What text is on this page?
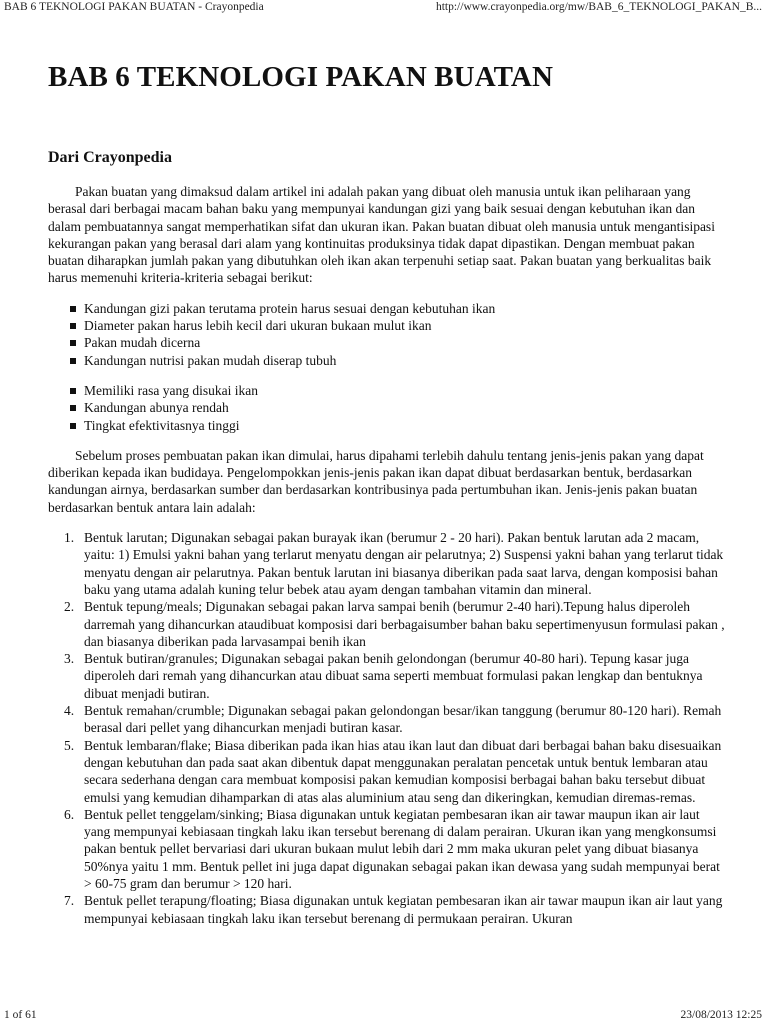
BAB 6 TEKNOLOGI PAKAN BUATAN - Crayonpedia	http://www.crayonpedia.org/mw/BAB_6_TEKNOLOGI_PAKAN_B...
BAB 6 TEKNOLOGI PAKAN BUATAN
Dari Crayonpedia

Pakan buatan yang dimaksud dalam artikel ini adalah pakan yang dibuat oleh manusia untuk ikan peliharaan yang berasal dari berbagai macam bahan baku yang mempunyai kandungan gizi yang baik sesuai dengan kebutuhan ikan dan dalam pembuatannya sangat memperhatikan sifat dan ukuran ikan. Pakan buatan dibuat oleh manusia untuk mengantisipasi kekurangan pakan yang berasal dari alam yang kontinuitas produksinya tidak dapat dipastikan. Dengan membuat pakan buatan diharapkan jumlah pakan yang dibutuhkan oleh ikan akan terpenuhi setiap saat. Pakan buatan yang berkualitas baik harus memenuhi kriteria-kriteria sebagai berikut:

Kandungan gizi pakan terutama protein harus sesuai dengan kebutuhan ikan
Diameter pakan harus lebih kecil dari ukuran bukaan mulut ikan
Pakan mudah dicerna
Kandungan nutrisi pakan mudah diserap tubuh
Memiliki rasa yang disukai ikan
Kandungan abunya rendah
Tingkat efektivitasnya tinggi

Sebelum proses pembuatan pakan ikan dimulai, harus dipahami terlebih dahulu tentang jenis-jenis pakan yang dapat diberikan kepada ikan budidaya. Pengelompokkan jenis-jenis pakan ikan dapat dibuat berdasarkan bentuk, berdasarkan kandungan airnya, berdasarkan sumber dan berdasarkan kontribusinya pada pertumbuhan ikan. Jenis-jenis pakan buatan berdasarkan bentuk antara lain adalah:

1. Bentuk larutan; Digunakan sebagai pakan burayak ikan (berumur 2 - 20 hari). Pakan bentuk larutan ada 2 macam, yaitu: 1) Emulsi yakni bahan yang terlarut menyatu dengan air pelarutnya; 2) Suspensi yakni bahan yang terlarut tidak menyatu dengan air pelarutnya. Pakan bentuk larutan ini biasanya diberikan pada saat larva, dengan komposisi bahan baku yang utama adalah kuning telur bebek atau ayam dengan tambahan vitamin dan mineral.
2. Bentuk tepung/meals; Digunakan sebagai pakan larva sampai benih (berumur 2-40 hari).Tepung halus diperoleh darremah yang dihancurkan ataudibuat komposisi dari berbagaisumber bahan baku sepertimenyusun formulasi pakan , dan biasanya diberikan pada larvasampai benih ikan
3. Bentuk butiran/granules; Digunakan sebagai pakan benih gelondongan (berumur 40-80 hari). Tepung kasar juga diperoleh dari remah yang dihancurkan atau dibuat sama seperti membuat formulasi pakan lengkap dan bentuknya dibuat menjadi butiran.
4. Bentuk remahan/crumble; Digunakan sebagai pakan gelondongan besar/ikan tanggung (berumur 80-120 hari). Remah berasal dari pellet yang dihancurkan menjadi butiran kasar.
5. Bentuk lembaran/flake; Biasa diberikan pada ikan hias atau ikan laut dan dibuat dari berbagai bahan baku disesuaikan dengan kebutuhan dan pada saat akan dibentuk dapat menggunakan peralatan pencetak untuk bentuk lembaran atau secara sederhana dengan cara membuat komposisi pakan kemudian komposisi berbagai bahan baku tersebut dibuat emulsi yang kemudian dihamparkan di atas alas aluminium atau seng dan dikeringkan, kemudian diremas-remas.
6. Bentuk pellet tenggelam/sinking; Biasa digunakan untuk kegiatan pembesaran ikan air tawar maupun ikan air laut yang mempunyai kebiasaan tingkah laku ikan tersebut berenang di dalam perairan. Ukuran ikan yang mengkonsumsi pakan bentuk pellet bervariasi dari ukuran bukaan mulut lebih dari 2 mm maka ukuran pelet yang dibuat biasanya 50%nya yaitu 1 mm. Bentuk pellet ini juga dapat digunakan sebagai pakan ikan dewasa yang sudah mempunyai berat > 60-75 gram dan berumur > 120 hari.
7. Bentuk pellet terapung/floating; Biasa digunakan untuk kegiatan pembesaran ikan air tawar maupun ikan air laut yang mempunyai kebiasaan tingkah laku ikan tersebut berenang di permukaan perairan. Ukuran
1 of 61	23/08/2013 12:25
